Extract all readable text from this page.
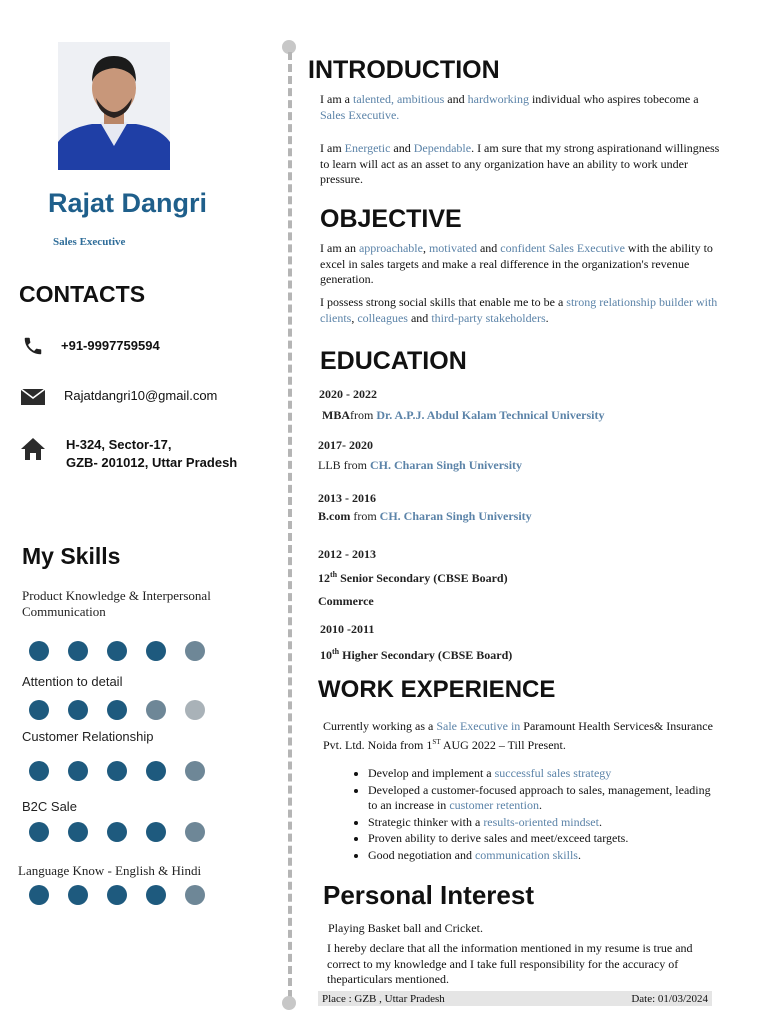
Rajat Dangri
Sales Executive
CONTACTS
+91-9997759594
Rajatdangri10@gmail.com
H-324, Sector-17,
GZB- 201012, Uttar Pradesh
My Skills
Product Knowledge & Interpersonal Communication
Attention to detail
Customer Relationship
B2C Sale
Language Know - English & Hindi
INTRODUCTION
I am a talented, ambitious and hardworking individual who aspires tobecome a Sales Executive.
I am Energetic and Dependable. I am sure that my strong aspirationand willingness to learn will act as an asset to any organization have an ability to work under pressure.
OBJECTIVE
I am an approachable, motivated and confident Sales Executive with the ability to excel in sales targets and make a real difference in the organization's revenue generation.
I possess strong social skills that enable me to be a strong relationship builder with clients, colleagues and third-party stakeholders.
EDUCATION
2020 - 2022
MBAfrom Dr. A.P.J. Abdul Kalam Technical University
2017- 2020
LLB from CH. Charan Singh University
2013 - 2016
B.com from CH. Charan Singh University
2012 - 2013
12th Senior Secondary (CBSE Board)
Commerce
2010 -2011
10th Higher Secondary (CBSE Board)
WORK EXPERIENCE
Currently working as a Sale Executive in Paramount Health Services& Insurance Pvt. Ltd. Noida from 1ST AUG 2022 – Till Present.
• Develop and implement a successful sales strategy
• Developed a customer-focused approach to sales, management, leading to an increase in customer retention.
• Strategic thinker with a results-oriented mindset.
• Proven ability to derive sales and meet/exceed targets.
• Good negotiation and communication skills.
Personal Interest
Playing Basket ball and Cricket.
I hereby declare that all the information mentioned in my resume is true and correct to my knowledge and I take full responsibility for the accuracy of theparticulars mentioned.
Place : GZB , Uttar Pradesh	Date: 01/03/2024
